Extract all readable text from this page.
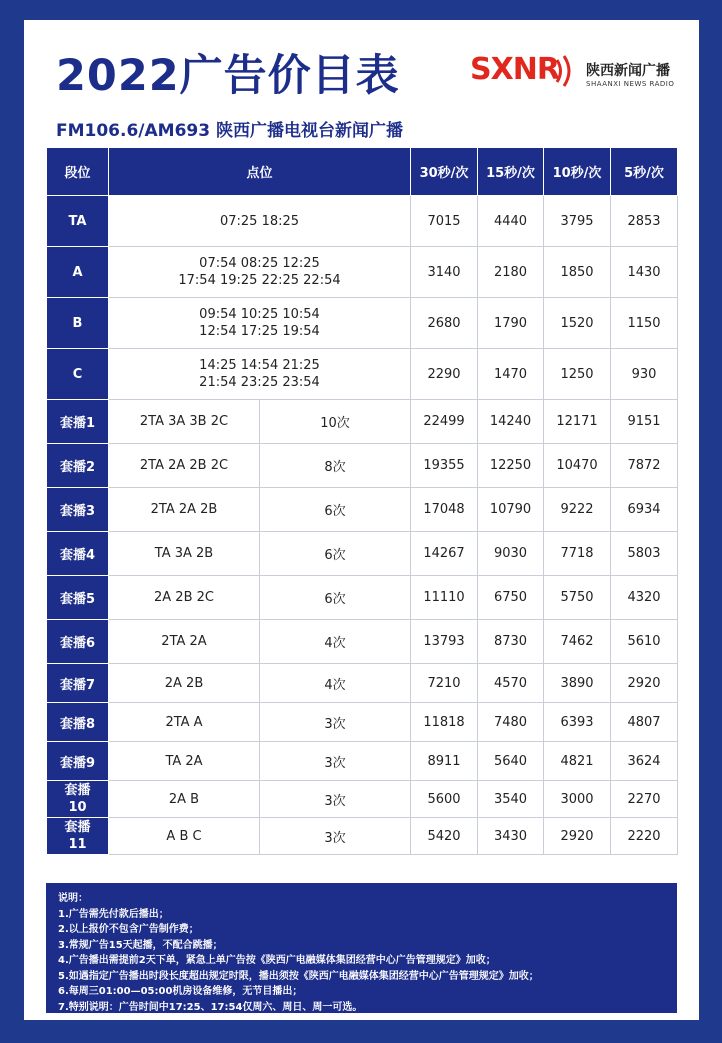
2022广告价目表
FM106.6/AM693 陕西广播电视台新闻广播
SXNR 陕西新闻广播
SHAANXI NEWS RADIO
段位	点位		30秒/次	15秒/次	10秒/次	5秒/次
TA	07:25 18:25		7015	4440	3795	2853
A	07:54 08:25 12:25
17:54 19:25 22:25 22:54		3140	2180	1850	1430
B	09:54 10:25 10:54
12:54 17:25 19:54		2680	1790	1520	1150
C	14:25 14:54 21:25
21:54 23:25 23:54		2290	1470	1250	930
套播1	2TA 3A 3B 2C	10次	22499	14240	12171	9151
套播2	2TA 2A 2B 2C	8次	19355	12250	10470	7872
套播3	2TA 2A 2B	6次	17048	10790	9222	6934
套播4	TA 3A 2B	6次	14267	9030	7718	5803
套播5	2A 2B 2C	6次	11110	6750	5750	4320
套播6	2TA 2A	4次	13793	8730	7462	5610
套播7	2A 2B	4次	7210	4570	3890	2920
套播8	2TA A	3次	11818	7480	6393	4807
套播9	TA 2A	3次	8911	5640	4821	3624

套播
10	2A B	3次	5600	3540	3000	2270

套播
11	A B C	3次	5420	3430	2920	2220
说明：
1.广告需先付款后播出；
2.以上报价不包含广告制作费；
3.常规广告15天起播，不配合跳播；
4.广告播出需提前2天下单，紧急上单广告按《陕西广电融媒体集团经营中心广告管理规定》加收；
5.如遇指定广告播出时段长度超出规定时限，播出须按《陕西广电融媒体集团经营中心广告管理规定》加收；
6.每周三01:00—05:00机房设备维修，无节目播出；
7.特别说明：广告时间中17:25、17:54仅周六、周日、周一可选。
